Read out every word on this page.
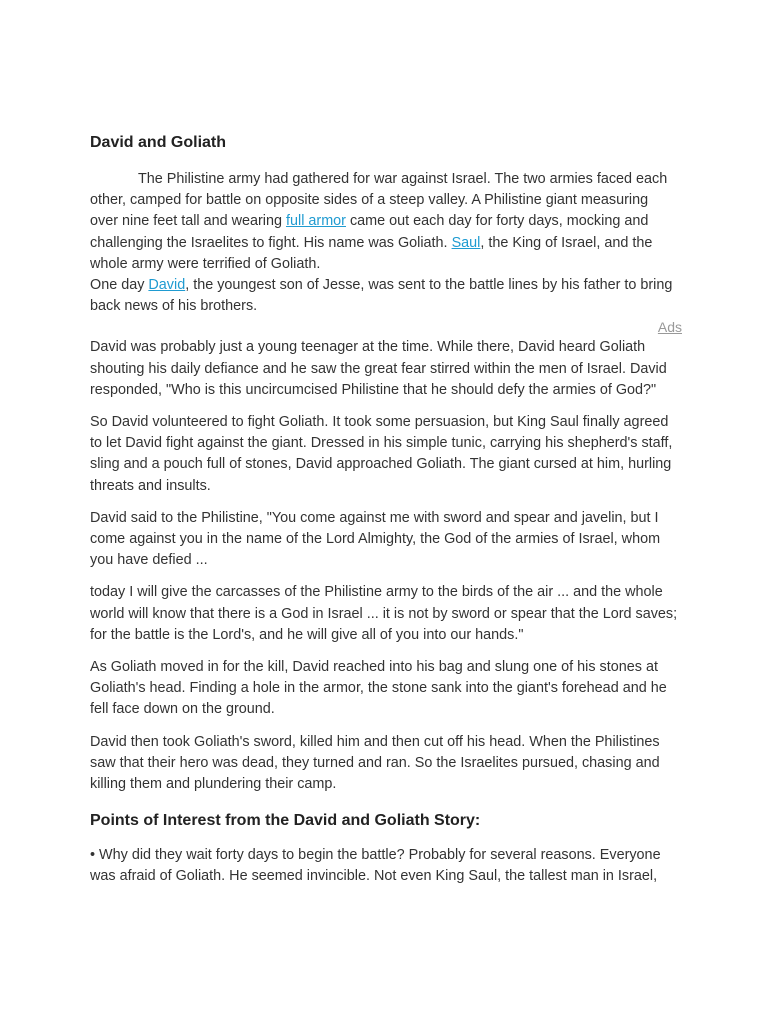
David and Goliath

The Philistine army had gathered for war against Israel. The two armies faced each other, camped for battle on opposite sides of a steep valley. A Philistine giant measuring over nine feet tall and wearing full armor came out each day for forty days, mocking and challenging the Israelites to fight. His name was Goliath. Saul, the King of Israel, and the whole army were terrified of Goliath.

One day David, the youngest son of Jesse, was sent to the battle lines by his father to bring back news of his brothers.

Ads

David was probably just a young teenager at the time. While there, David heard Goliath shouting his daily defiance and he saw the great fear stirred within the men of Israel. David responded, "Who is this uncircumcised Philistine that he should defy the armies of God?"

So David volunteered to fight Goliath. It took some persuasion, but King Saul finally agreed to let David fight against the giant. Dressed in his simple tunic, carrying his shepherd's staff, sling and a pouch full of stones, David approached Goliath. The giant cursed at him, hurling threats and insults.

David said to the Philistine, "You come against me with sword and spear and javelin, but I come against you in the name of the Lord Almighty, the God of the armies of Israel, whom you have defied ...

today I will give the carcasses of the Philistine army to the birds of the air ... and the whole world will know that there is a God in Israel ... it is not by sword or spear that the Lord saves; for the battle is the Lord's, and he will give all of you into our hands."

As Goliath moved in for the kill, David reached into his bag and slung one of his stones at Goliath's head. Finding a hole in the armor, the stone sank into the giant's forehead and he fell face down on the ground.

David then took Goliath's sword, killed him and then cut off his head. When the Philistines saw that their hero was dead, they turned and ran. So the Israelites pursued, chasing and killing them and plundering their camp.

Points of Interest from the David and Goliath Story:

• Why did they wait forty days to begin the battle? Probably for several reasons. Everyone was afraid of Goliath. He seemed invincible. Not even King Saul, the tallest man in Israel,
